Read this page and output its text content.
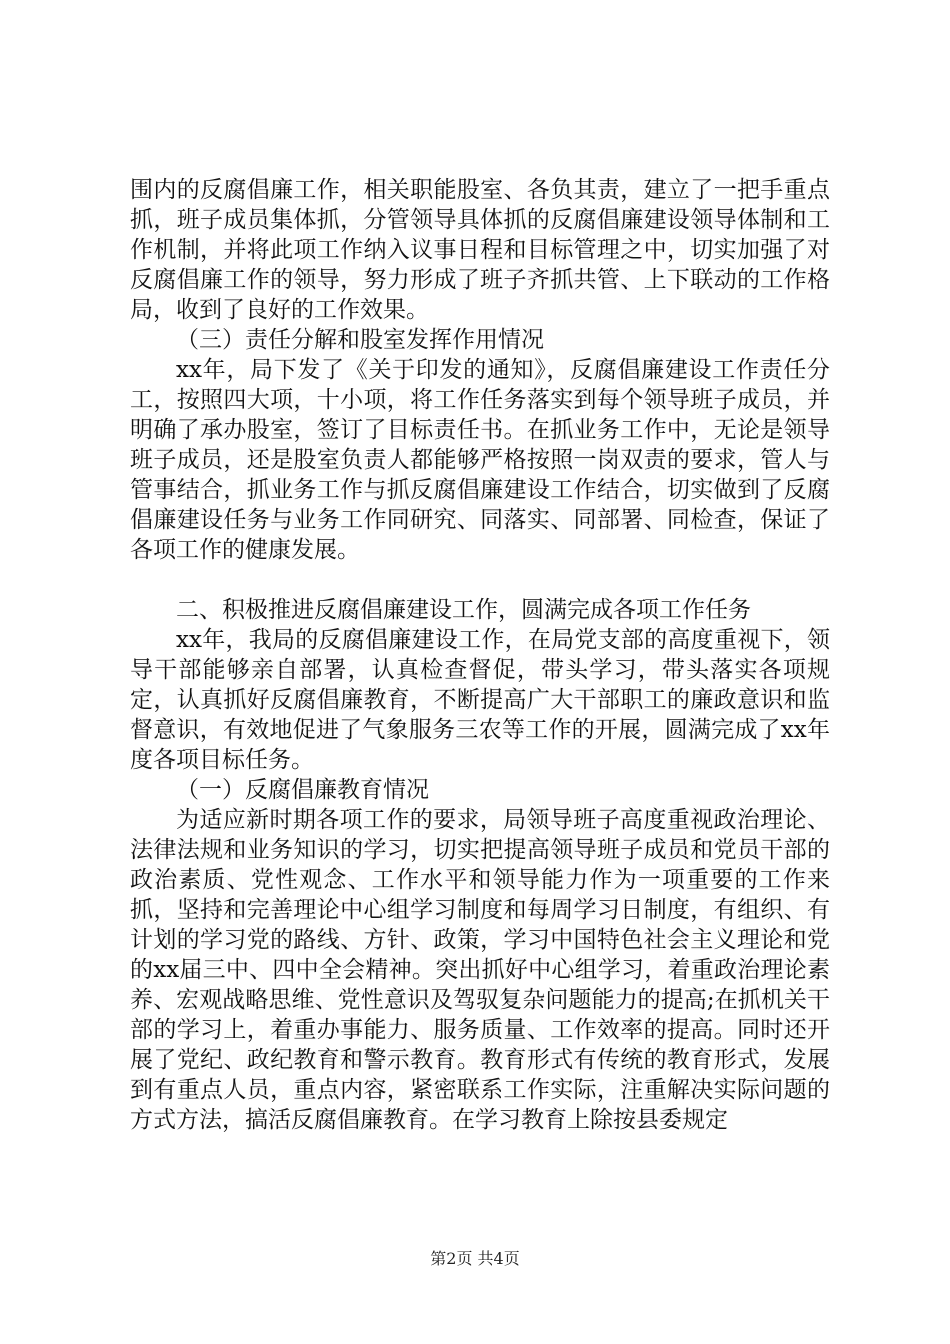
围内的反腐倡廉工作，相关职能股室、各负其责，建立了一把手重点抓，班子成员集体抓，分管领导具体抓的反腐倡廉建设领导体制和工作机制，并将此项工作纳入议事日程和目标管理之中，切实加强了对反腐倡廉工作的领导，努力形成了班子齐抓共管、上下联动的工作格局，收到了良好的工作效果。

（三）责任分解和股室发挥作用情况

xx年，局下发了《关于印发的通知》，反腐倡廉建设工作责任分工，按照四大项，十小项，将工作任务落实到每个领导班子成员，并明确了承办股室，签订了目标责任书。在抓业务工作中，无论是领导班子成员，还是股室负责人都能够严格按照一岗双责的要求，管人与管事结合，抓业务工作与抓反腐倡廉建设工作结合，切实做到了反腐倡廉建设任务与业务工作同研究、同落实、同部署、同检查，保证了各项工作的健康发展。

二、积极推进反腐倡廉建设工作，圆满完成各项工作任务

xx年，我局的反腐倡廉建设工作，在局党支部的高度重视下，领导干部能够亲自部署，认真检查督促，带头学习，带头落实各项规定，认真抓好反腐倡廉教育，不断提高广大干部职工的廉政意识和监督意识，有效地促进了气象服务三农等工作的开展，圆满完成了xx年度各项目标任务。

（一）反腐倡廉教育情况

为适应新时期各项工作的要求，局领导班子高度重视政治理论、法律法规和业务知识的学习，切实把提高领导班子成员和党员干部的政治素质、党性观念、工作水平和领导能力作为一项重要的工作来抓，坚持和完善理论中心组学习制度和每周学习日制度，有组织、有计划的学习党的路线、方针、政策，学习中国特色社会主义理论和党的xx届三中、四中全会精神。突出抓好中心组学习，着重政治理论素养、宏观战略思维、党性意识及驾驭复杂问题能力的提高;在抓机关干部的学习上，着重办事能力、服务质量、工作效率的提高。同时还开展了党纪、政纪教育和警示教育。教育形式有传统的教育形式，发展到有重点人员，重点内容，紧密联系工作实际，注重解决实际问题的方式方法，搞活反腐倡廉教育。在学习教育上除按县委规定

第2页 共4页
